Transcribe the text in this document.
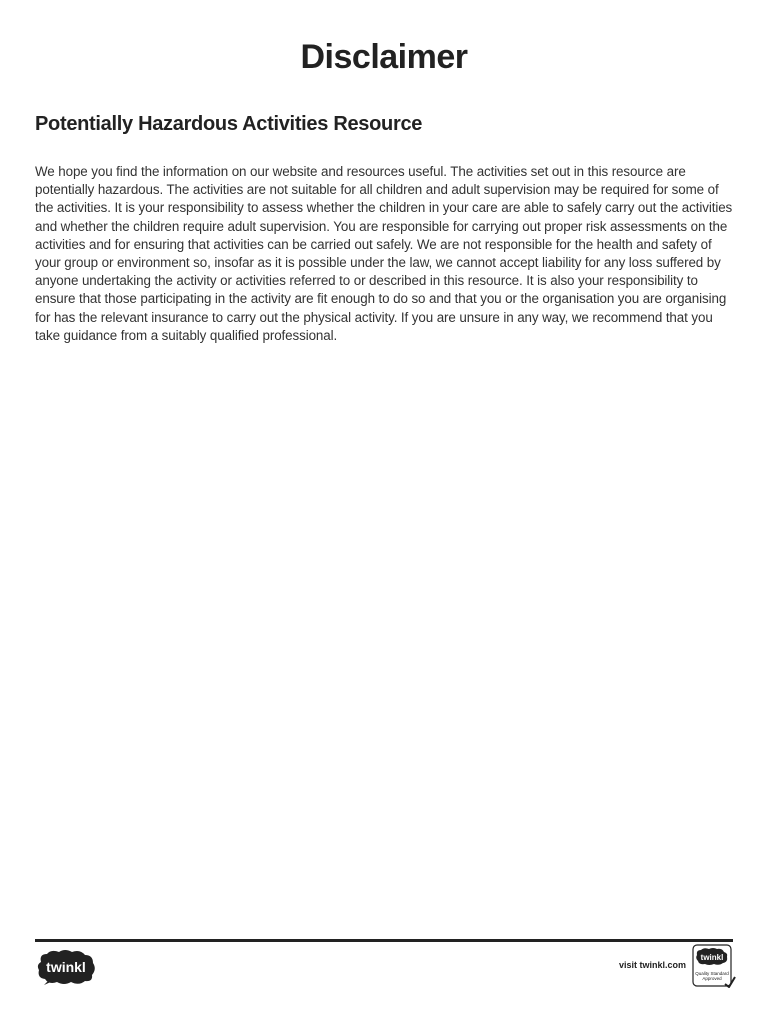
Disclaimer
Potentially Hazardous Activities Resource

We hope you find the information on our website and resources useful. The activities set out in this resource are potentially hazardous. The activities are not suitable for all children and adult supervision may be required for some of the activities. It is your responsibility to assess whether the children in your care are able to safely carry out the activities and whether the children require adult supervision. You are responsible for carrying out proper risk assessments on the activities and for ensuring that activities can be carried out safely. We are not responsible for the health and safety of your group or environment so, insofar as it is possible under the law, we cannot accept liability for any loss suffered by anyone undertaking the activity or activities referred to or described in this resource. It is also your responsibility to ensure that those participating in the activity are fit enough to do so and that you or the organisation you are organising for has the relevant insurance to carry out the physical activity. If you are unsure in any way, we recommend that you take guidance from a suitably qualified professional.

twinkl	visit twinkl.com
twinkl
Quality Standard
Approved
